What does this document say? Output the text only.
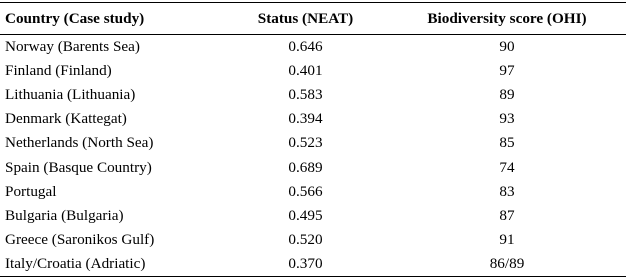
Country (Case study)	Status (NEAT)	Biodiversity score (OHI)
Norway (Barents Sea)	0.646	90
Finland (Finland)	0.401	97
Lithuania (Lithuania)	0.583	89
Denmark (Kattegat)	0.394	93
Netherlands (North Sea)	0.523	85
Spain (Basque Country)	0.689	74
Portugal	0.566	83
Bulgaria (Bulgaria)	0.495	87
Greece (Saronikos Gulf)	0.520	91
Italy/Croatia (Adriatic)	0.370	86/89
